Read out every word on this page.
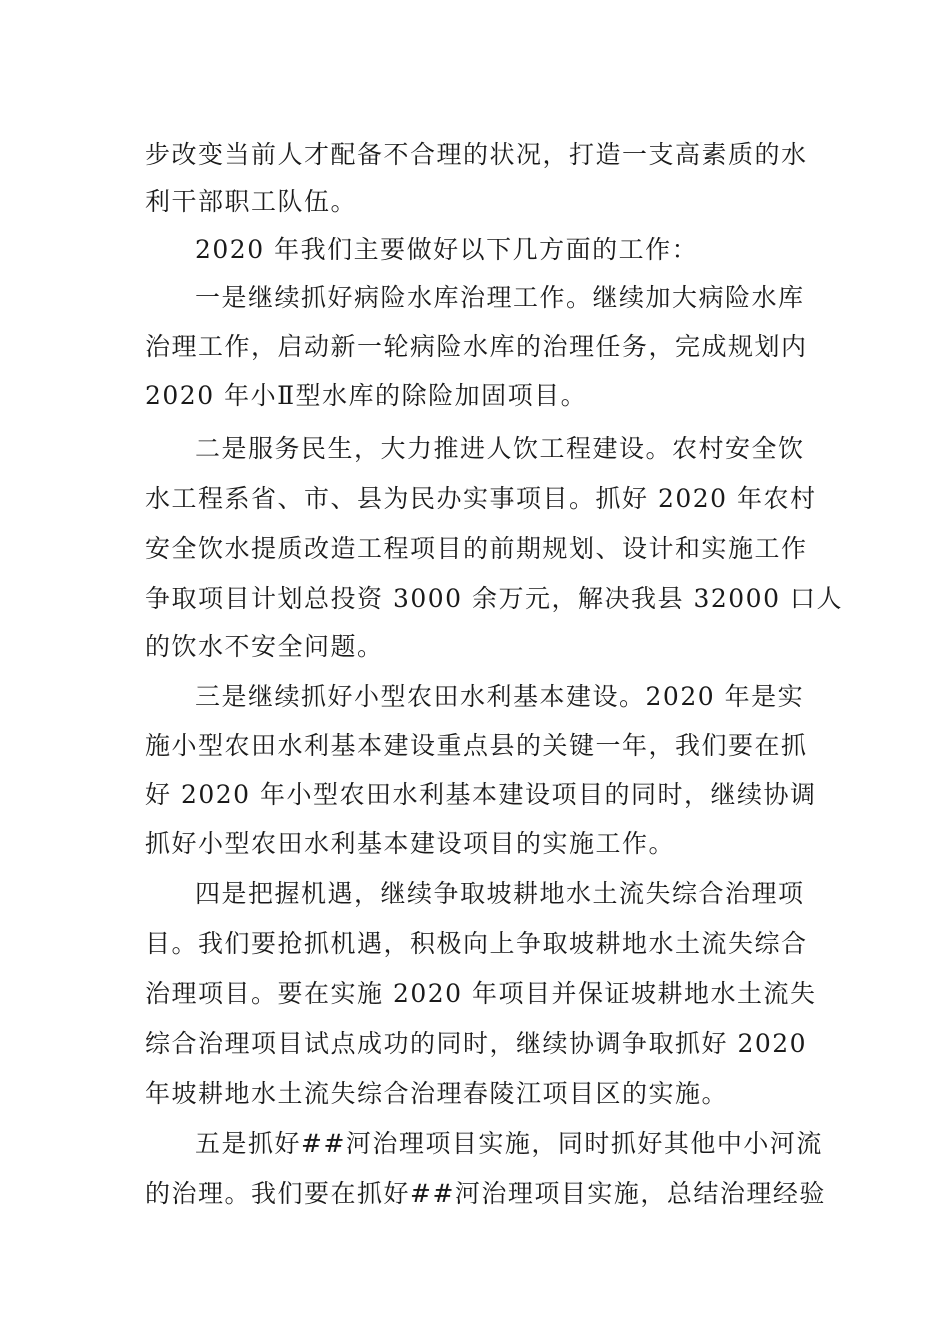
步改变当前人才配备不合理的状况，打造一支高素质的水
利干部职工队伍。
2020 年我们主要做好以下几方面的工作：
一是继续抓好病险水库治理工作。继续加大病险水库
治理工作，启动新一轮病险水库的治理任务，完成规划内
2020 年小Ⅱ型水库的除险加固项目。
二是服务民生，大力推进人饮工程建设。农村安全饮
水工程系省、市、县为民办实事项目。抓好 2020 年农村
安全饮水提质改造工程项目的前期规划、设计和实施工作
争取项目计划总投资 3000 余万元，解决我县 32000 口人
的饮水不安全问题。
三是继续抓好小型农田水利基本建设。2020 年是实
施小型农田水利基本建设重点县的关键一年，我们要在抓
好 2020 年小型农田水利基本建设项目的同时，继续协调
抓好小型农田水利基本建设项目的实施工作。
四是把握机遇，继续争取坡耕地水土流失综合治理项
目。我们要抢抓机遇，积极向上争取坡耕地水土流失综合
治理项目。要在实施 2020 年项目并保证坡耕地水土流失
综合治理项目试点成功的同时，继续协调争取抓好 2020
年坡耕地水土流失综合治理春陵江项目区的实施。
五是抓好##河治理项目实施，同时抓好其他中小河流
的治理。我们要在抓好##河治理项目实施，总结治理经验
